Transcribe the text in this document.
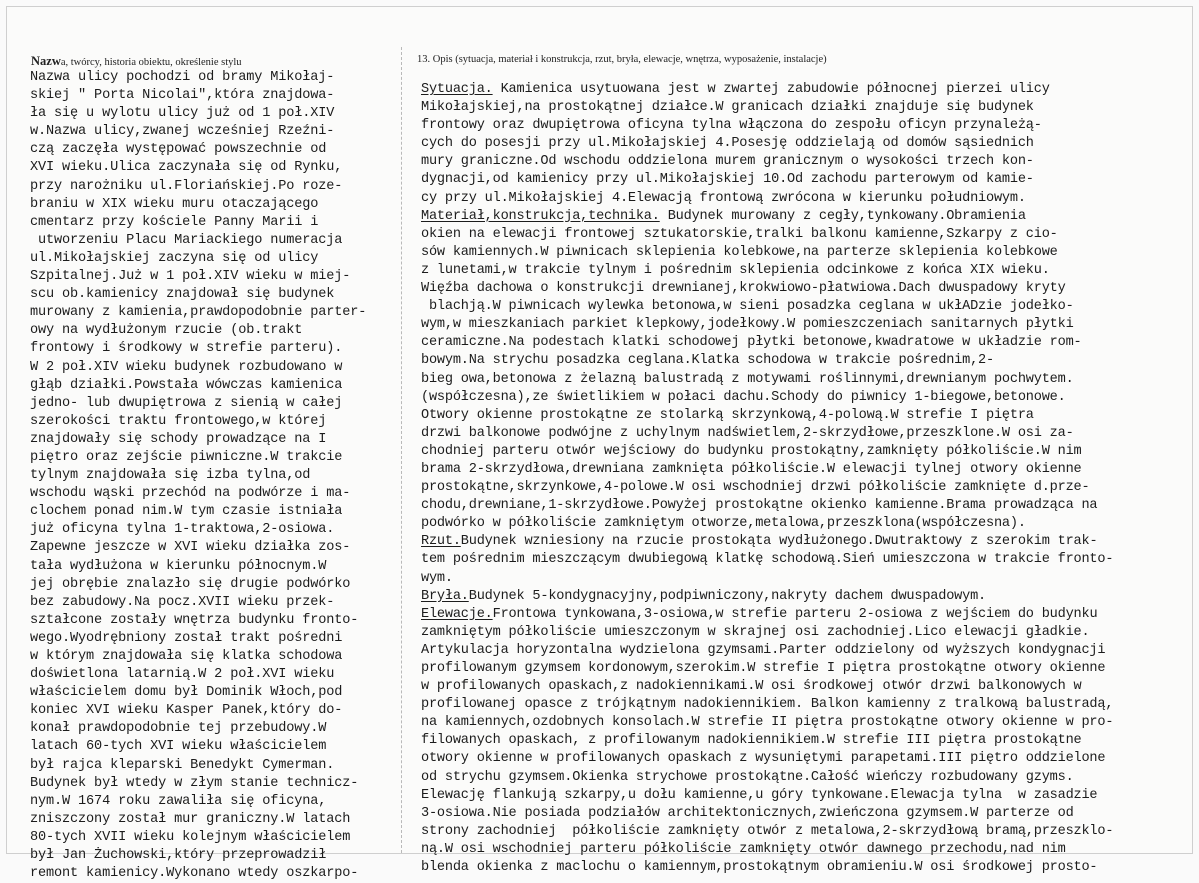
Nazwa, twórcy, historia obiektu, określenie stylu	13. Opis (sytuacja, materiał i konstrukcja, rzut, bryła, elewacje, wnętrza, wyposażenie, instalacje)
Nazwa ulicy pochodzi od bramy Mikołaj-
skiej " Porta Nicolai",która znajdowa-
ła się u wylotu ulicy już od 1 poł.XIV
w.Nazwa ulicy,zwanej wcześniej Rzeźni-
czą zaczęła występować powszechnie od
XVI wieku.Ulica zaczynała się od Rynku,
przy narożniku ul.Floriańskiej.Po roze-
braniu w XIX wieku muru otaczającego
cmentarz przy kościele Panny Marii i
utworzeniu Placu Mariackiego numeracja
ul.Mikołajskiej zaczyna się od ulicy
Szpitalnej.Już w 1 poł.XIV wieku w miej-
scu ob.kamienicy znajdował się budynek
murowany z kamienia,prawdopodobnie parter-
owy na wydłużonym rzucie (ob.trakt
frontowy i środkowy w strefie parteru).
W 2 poł.XIV wieku budynek rozbudowano w
głąb działki.Powstała wówczas kamienica
jedno- lub dwupiętrowa z sienią w całej
szerokości traktu frontowego,w której
znajdowały się schody prowadzące na I
piętro oraz zejście piwniczne.W trakcie
tylnym znajdowała się izba tylna,od
wschodu wąski przechód na podwórze i ma-
clochem ponad nim.W tym czasie istniała
już oficyna tylna 1-traktowa,2-osiowa.
Zapewne jeszcze w XVI wieku działka zos-
tała wydłużona w kierunku północnym.W
jej obrębie znalazło się drugie podwórko
bez zabudowy.Na pocz.XVII wieku przek-
ształcone zostały wnętrza budynku fronto-
wego.Wyodrębniony został trakt pośredni
w którym znajdowała się klatka schodowa
doświetlona latarnią.W 2 poł.XVI wieku
właścicielem domu był Dominik Włoch,pod
koniec XVI wieku Kasper Panek,który do-
konał prawdopodobnie tej przebudowy.W
latach 60-tych XVI wieku właścicielem
był rajca kleparski Benedykt Cymerman.
Budynek był wtedy w złym stanie technicz-
nym.W 1674 roku zawaliła się oficyna,
zniszczony został mur graniczny.W latach
80-tych XVII wieku kolejnym właścicielem
był Jan Żuchowski,który przeprowadził
remont kamienicy.Wykonano wtedy oszkarpo-
Sytuacja. Kamienica usytuowana jest w zwartej zabudowie północnej pierzei ulicy
Mikołajskiej,na prostokątnej działce.W granicach działki znajduje się budynek
frontowy oraz dwupiętrowa oficyna tylna włączona do zespołu oficyn przynależą-
cych do posesji przy ul.Mikołajskiej 4.Posesję oddzielają od domów sąsiednich
mury graniczne.Od wschodu oddzielona murem granicznym o wysokości trzech kon-
dygnacji,od kamienicy przy ul.Mikołajskiej 10.Od zachodu parterowym od kamie-
cy przy ul.Mikołajskiej 4.Elewacją frontową zwrócona w kierunku południowym.
Materiał,konstrukcja,technika. Budynek murowany z cegły,tynkowany.Obramienia
okien na elewacji frontowej sztukatorskie,tralki balkonu kamienne,Szkarpy z cio-
sów kamiennych.W piwnicach sklepienia kolebkowe,na parterze sklepienia kolebkowe
z lunetami,w trakcie tylnym i pośrednim sklepienia odcinkowe z końca XIX wieku.
Więźba dachowa o konstrukcji drewnianej,krokwiowo-płatwiowa.Dach dwuspadowy kryty
blachją.W piwnicach wylewka betonowa,w sieni posadzka ceglana w ukłADzie jodełko-
wym,w mieszkaniach parkiet klepkowy,jodełkowy.W pomieszczeniach sanitarnych płytki
ceramiczne.Na podestach klatki schodowej płytki betonowe,kwadratowe w układzie rom-
bowym.Na strychu posadzka ceglana.Klatka schodowa w trakcie pośrednim,2-
bieg owa,betonowa z żelazną balustradą z motywami roślinnymi,drewnianym pochwytem.
(współczesna),ze świetlikiem w połaci dachu.Schody do piwnicy 1-biegowe,betonowe.
Otwory okienne prostokątne ze stolarką skrzynkową,4-polową.W strefie I piętra
drzwi balkonowe podwójne z uchylnym nadświetlem,2-skrzydłowe,przeszklone.W osi za-
chodniej parteru otwór wejściowy do budynku prostokątny,zamknięty półkoliście.W nim
brama 2-skrzydłowa,drewniana zamknięta półkoliście.W elewacji tylnej otwory okienne
prostokątne,skrzynkowe,4-polowe.W osi wschodniej drzwi półkoliście zamknięte d.prze-
chodu,drewniane,1-skrzydłowe.Powyżej prostokątne okienko kamienne.Brama prowadząca na
podwórko w półkoliście zamkniętym otworze,metalowa,przeszklona(współczesna).
Rzut.Budynek wzniesiony na rzucie prostokąta wydłużonego.Dwutraktowy z szerokim trak-
tem pośrednim mieszczącym dwubiegową klatkę schodową.Sień umieszczona w trakcie fronto-
wym.
Bryła.Budynek 5-kondygnacyjny,podpiwniczony,nakryty dachem dwuspadowym.
Elewacje.Frontowa tynkowana,3-osiowa,w strefie parteru 2-osiowa z wejściem do budynku
zamkniętym półkoliście umieszczonym w skrajnej osi zachodniej.Lico elewacji gładkie.
Artykulacja horyzontalna wydzielona gzymsami.Parter oddzielony od wyższych kondygnacji
profilowanym gzymsem kordonowym,szerokim.W strefie I piętra prostokątne otwory okienne
w profilowanych opaskach,z nadokiennikami.W osi środkowej otwór drzwi balkonowych w
profilowanej opasce z trójkątnym nadokiennikiem. Balkon kamienny z tralkową balustradą,
na kamiennych,ozdobnych konsolach.W strefie II piętra prostokątne otwory okienne w pro-
filowanych opaskach, z profilowanym nadokiennikiem.W strefie III piętra prostokątne
otwory okienne w profilowanych opaskach z wysuniętymi parapetami.III piętro oddzielone
od strychu gzymsem.Okienka strychowe prostokątne.Całość wieńczy rozbudowany gzyms.
Elewację flankują szkarpy,u dołu kamienne,u góry tynkowane.Elewacja tylna  w zasadzie
3-osiowa.Nie posiada podziałów architektonicznych,zwieńczona gzymsem.W parterze od
strony zachodniej  półkoliście zamknięty otwór z metalowa,2-skrzydłową bramą,przeszklo-
ną.W osi wschodniej parteru półkoliście zamknięty otwór dawnego przechodu,nad nim
blenda okienka z maclochu o kamiennym,prostokątnym obramieniu.W osi środkowej prosto-
